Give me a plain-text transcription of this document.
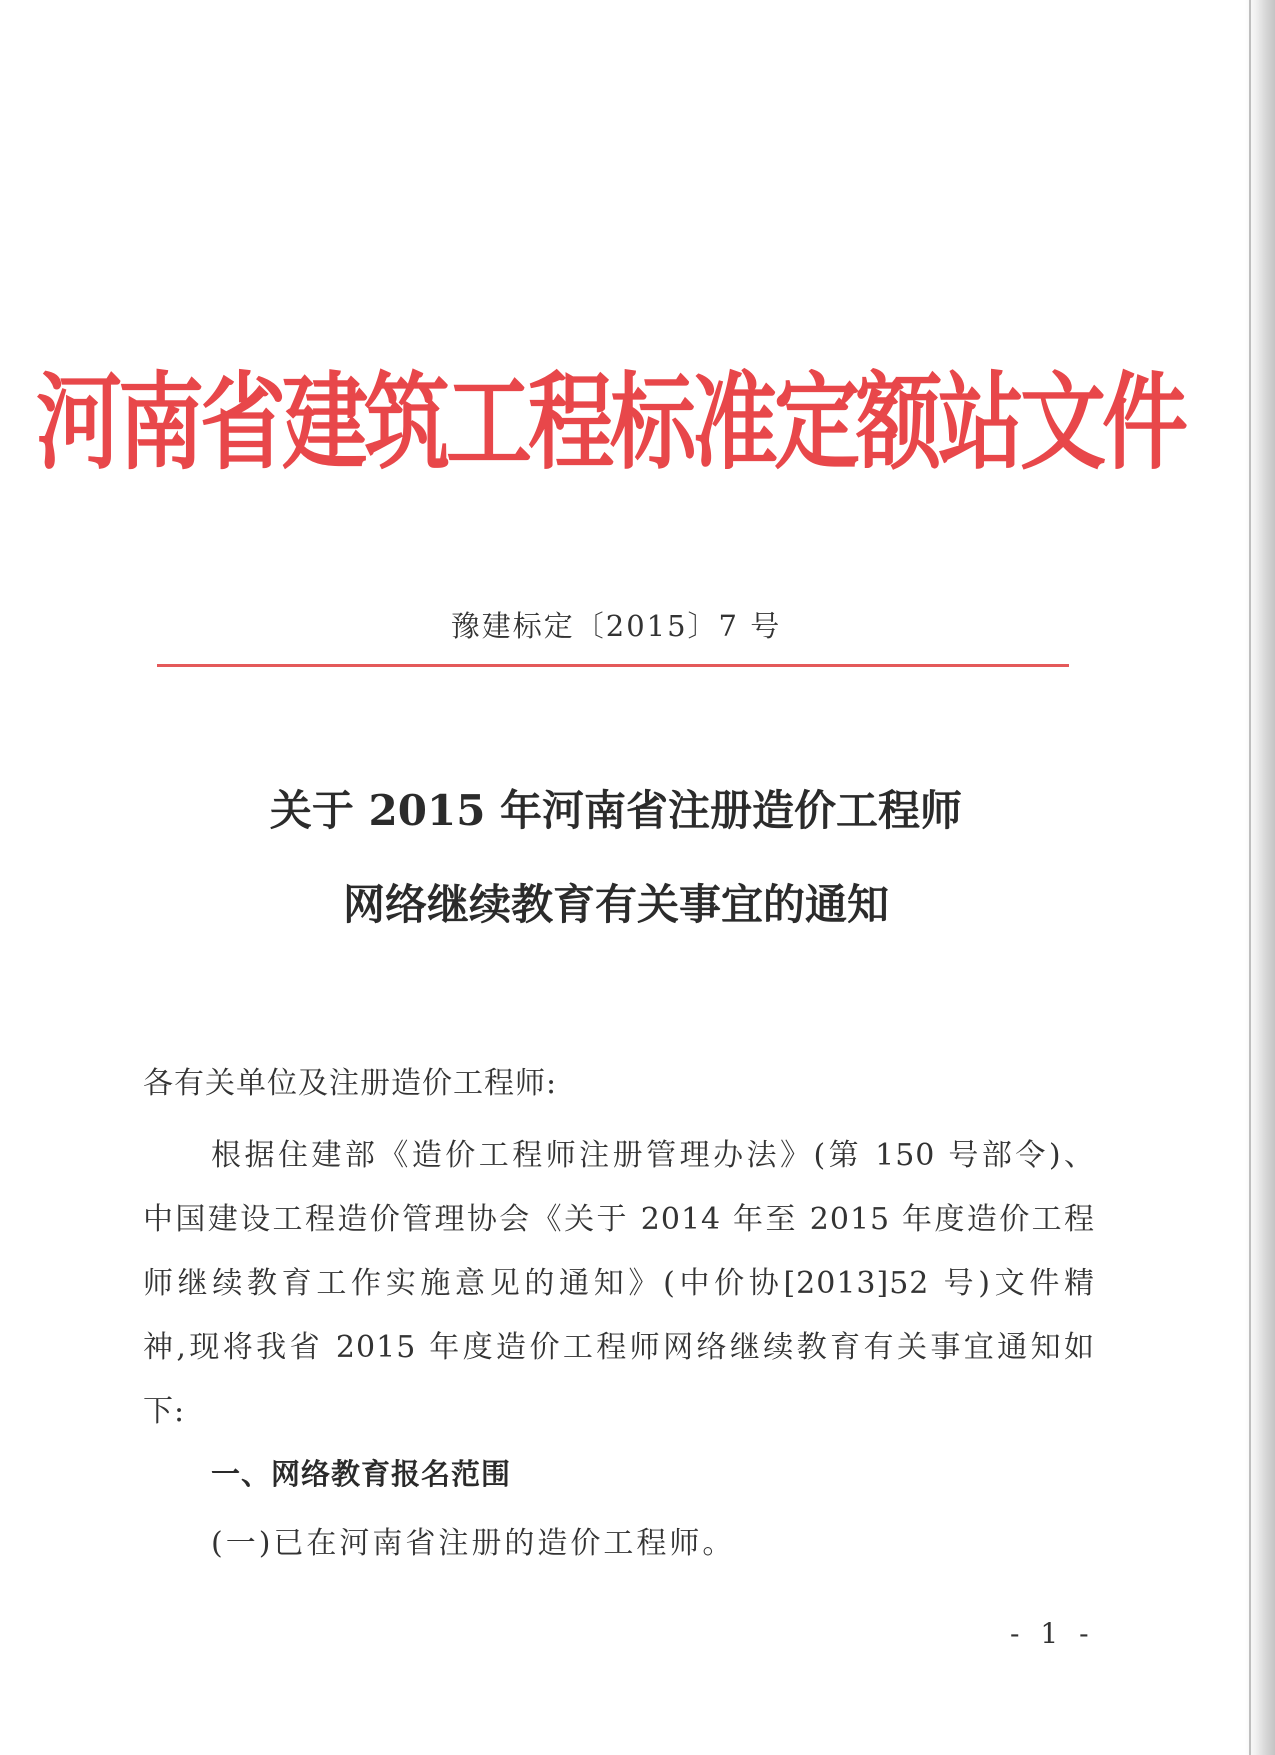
河南省建筑工程标准定额站文件
豫建标定〔2015〕7 号
关于 2015 年河南省注册造价工程师
网络继续教育有关事宜的通知
各有关单位及注册造价工程师:
根据住建部《造价工程师注册管理办法》(第 150 号部令)、
中国建设工程造价管理协会《关于 2014 年至 2015 年度造价工程
师继续教育工作实施意见的通知》(中价协[2013]52 号)文件精
神,现将我省 2015 年度造价工程师网络继续教育有关事宜通知如
下:
一、网络教育报名范围
(一)已在河南省注册的造价工程师。
- 1 -
